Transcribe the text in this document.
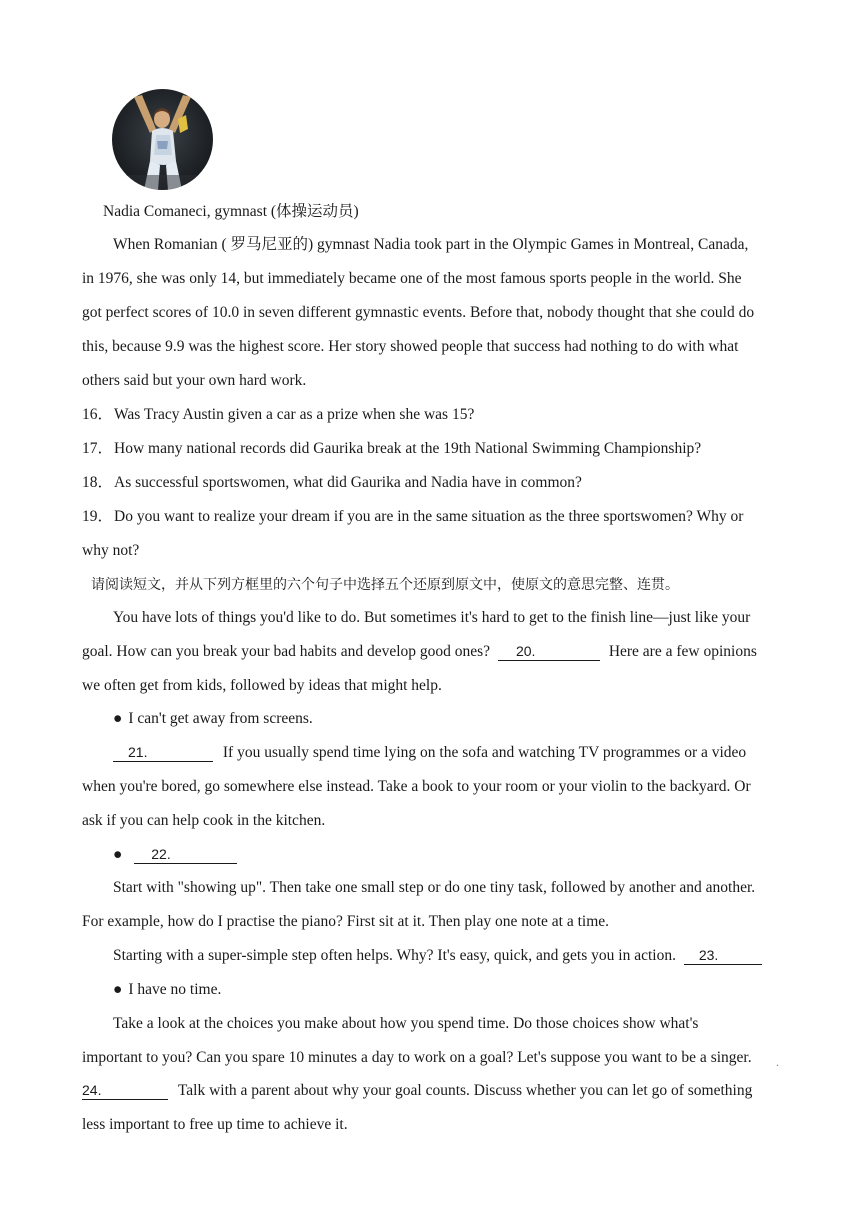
Nadia Comaneci, gymnast (体操运动员)
When Romanian ( 罗马尼亚的) gymnast Nadia took part in the Olympic Games in Montreal, Canada,
in 1976, she was only 14, but immediately became one of the most famous sports people in the world. She
got perfect scores of 10.0 in seven different gymnastic events. Before that, nobody thought that she could do
this, because 9.9 was the highest score. Her story showed people that success had nothing to do with what
others said but your own hard work.
16．Was Tracy Austin given a car as a prize when she was 15?
17．How many national records did Gaurika break at the 19th National Swimming Championship?
18．As successful sportswomen, what did Gaurika and Nadia have in common?
19．Do you want to realize your dream if you are in the same situation as the three sportswomen? Why or
why not?
请阅读短文，并从下列方框里的六个句子中选择五个还原到原文中，使原文的意思完整、连贯。
You have lots of things you'd like to do. But sometimes it's hard to get to the finish line—just like your
goal. How can you break your bad habits and develop good ones? 20.	Here are a few opinions
we often get from kids, followed by ideas that might help.
● I can't get away from screens.
21.	If you usually spend time lying on the sofa and watching TV programmes or a video
when you're bored, go somewhere else instead. Take a book to your room or your violin to the backyard. Or
ask if you can help cook in the kitchen.
● 22.
Start with "showing up". Then take one small step or do one tiny task, followed by another and another.
For example, how do I practise the piano? First sit at it. Then play one note at a time.
Starting with a super-simple step often helps. Why? It's easy, quick, and gets you in action. 23.
● I have no time.
Take a look at the choices you make about how you spend time. Do those choices show what's
important to you? Can you spare 10 minutes a day to work on a goal? Let's suppose you want to be a singer.	.
24.	Talk with a parent about why your goal counts. Discuss whether you can let go of something
less important to free up time to achieve it.
